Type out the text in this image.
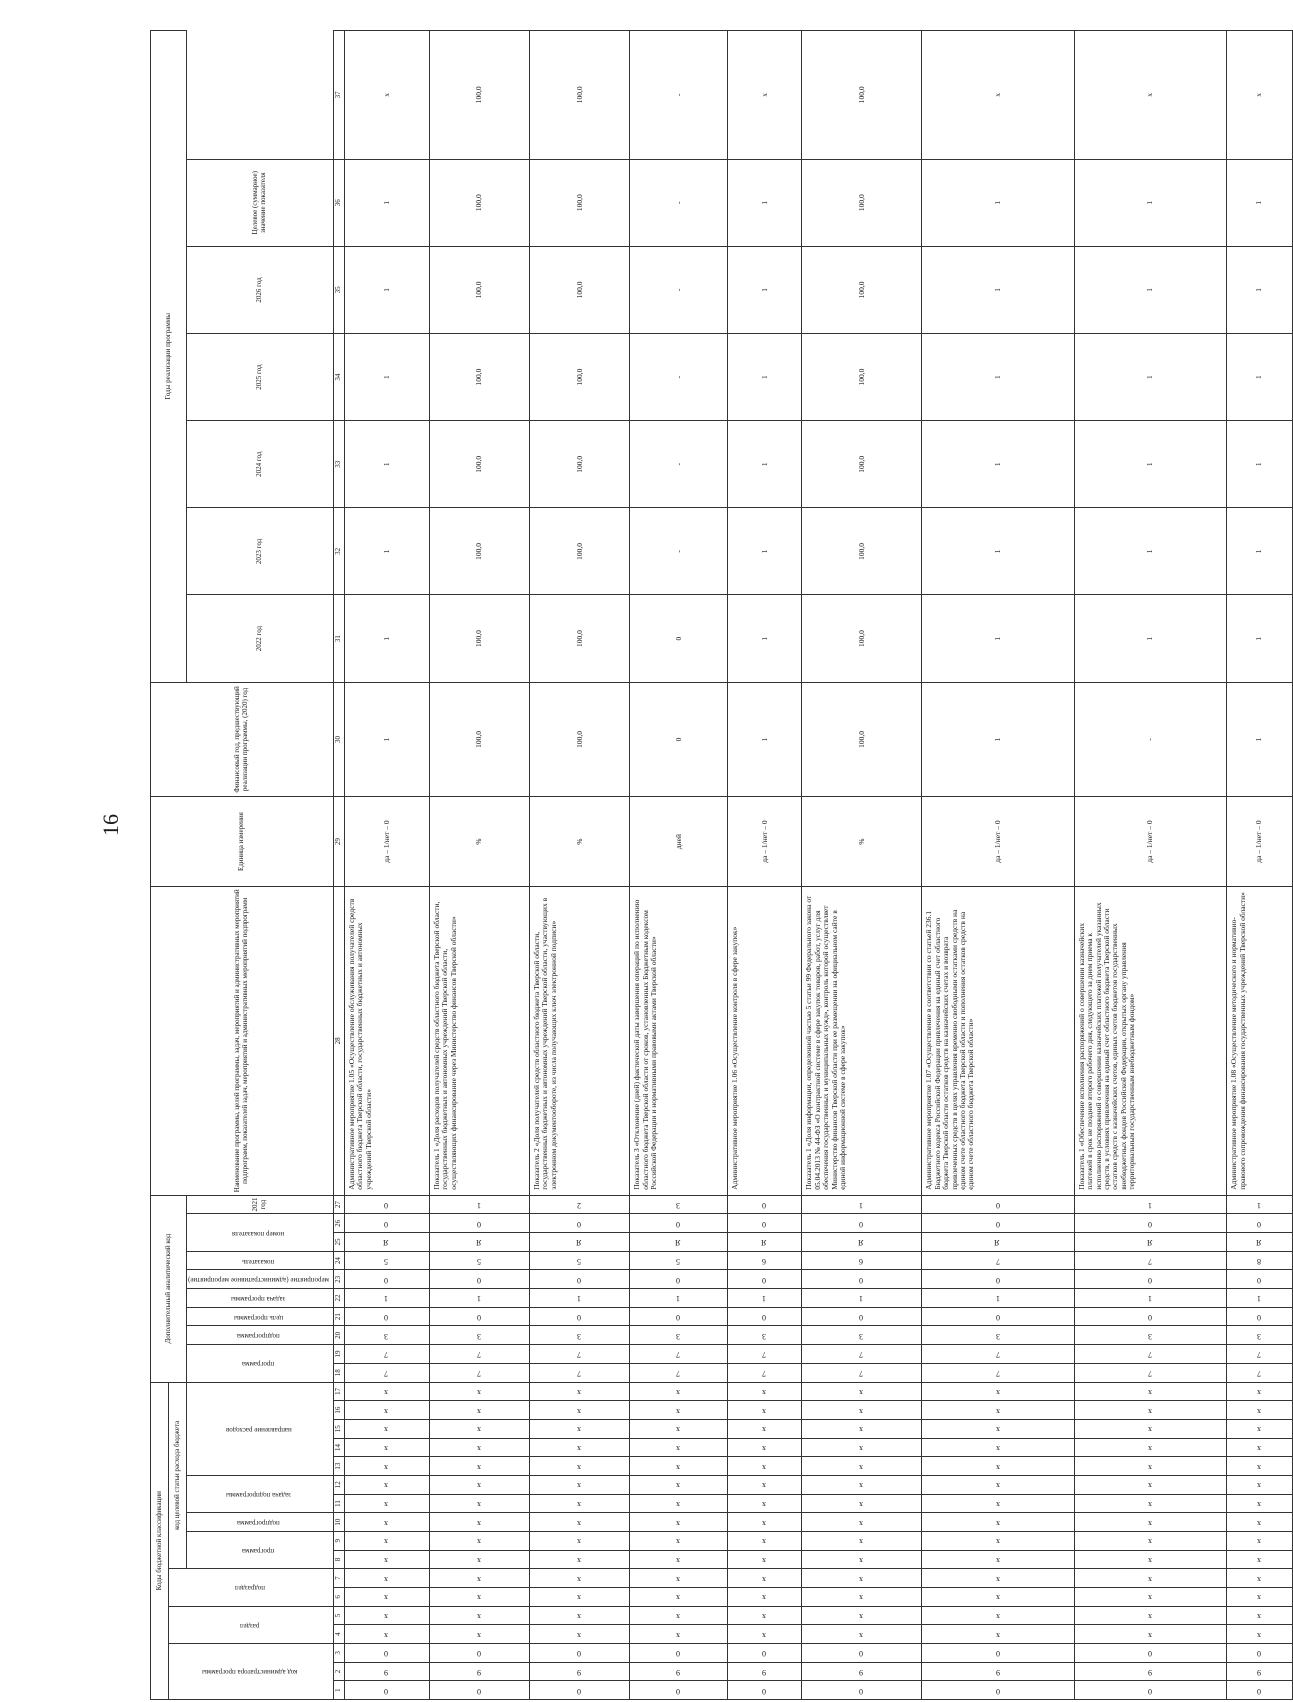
16
Коды бюджетной классификации																	Дополнительный аналитический код										Наименование программы, целей программы, задач, мероприятий и административных мероприятий подпрограмм, показателей задач, мероприятий и административных мероприятий подпрограмм	Единица измерения	Финансовый год, предшествующий реализации программы, (2020) год	Годы реализации программы						
код администратора программы			раздел		подраздел		код целевой статьи расхода бюджета																													
							программа		подпрограмма	задача подпрограммы		направление расходов					программа		подпрограмма	цель программы	задача программы	мероприятие (административное мероприятие)	показатель	номер показателя		2021 год				2022 год	2023 год	2024 год	2025 год	2026 год	Целевое (суммарное) значение показателя	

1	2	3	4	5	6	7	8	9	10	11	12	13	14	15	16	17	18	19	20	21	22	23	24	25	26	27	28	29	30	31	32	33	34	35	36	37
0	9	0	x	x	x	x	x	x	x	x	x	x	x	x	x	x	7	7	3	0	1	0	5	Я	0	0	Административное мероприятие 1.05 «Осуществление обслуживания получателей средств областного бюджета Тверской области, государственных бюджетных и автономных учреждений Тверской области»	да – 1/нет – 0	1	1	1	1	1	1	1	x
0	9	0	x	x	x	x	x	x	x	x	x	x	x	x	x	x	7	7	3	0	1	0	5	Я	0	1	Показатель 1 «Доля расходов получателей средств областного бюджета Тверской области, государственных бюджетных и автономных учреждений Тверской области, осуществляющих финансирование через Министерство финансов Тверской области»	%	100,0	100,0	100,0	100,0	100,0	100,0	100,0	100,0
0	9	0	x	x	x	x	x	x	x	x	x	x	x	x	x	x	7	7	3	0	1	0	5	Я	0	2	Показатель 2 «Доля получателей средств областного бюджета Тверской области, государственных бюджетных и автономных учреждений Тверской области, участвующих в электронном документообороте, из числа получающих ключ электронной подписи»	%	100,0	100,0	100,0	100,0	100,0	100,0	100,0	100,0
0	9	0	x	x	x	x	x	x	x	x	x	x	x	x	x	x	7	7	3	0	1	0	5	Я	0	3	Показатель 3 «Отклонение (дней) фактической даты завершения операций по исполнению областного бюджета Тверской области от сроков, установленных Бюджетным кодексом Российской Федерации и нормативными правовыми актами Тверской области»	дней	0	0	-	-	-	-	-	-
0	9	0	x	x	x	x	x	x	x	x	x	x	x	x	x	x	7	7	3	0	1	0	6	Я	0	0	Административное мероприятие 1.06 «Осуществление контроля в сфере закупок»	да – 1/нет – 0	1	1	1	1	1	1	1	x
0	9	0	x	x	x	x	x	x	x	x	x	x	x	x	x	x	7	7	3	0	1	0	6	Я	0	1	Показатель 1 «Доля информации, определенной частью 5 статьи 99 Федерального закона от 05.04.2013 № 44-ФЗ «О контрактной системе в сфере закупок товаров, работ, услуг для обеспечения государственных и муниципальных нужд», контроль которой осуществляет Министерство финансов Тверской области при ее размещении на официальном сайте в единой информационной системе в сфере закупок»	%	100,0	100,0	100,0	100,0	100,0	100,0	100,0	100,0
0	9	0	x	x	x	x	x	x	x	x	x	x	x	x	x	x	7	7	3	0	1	0	7	Я	0	0	Административное мероприятие 1.07 «Осуществление в соответствии со статьей 236.1 Бюджетного кодекса Российской Федерации привлечения на единый счет областного бюджета Тверской области остатков средств на казначейских счетах и возврата привлеченных средств в целях управления временно свободными остатками средств на едином счете областного бюджета Тверской области и пополнения остатков средств на едином счете областного бюджета Тверской области»	да – 1/нет – 0	1	1	1	1	1	1	1	x
0	9	0	x	x	x	x	x	x	x	x	x	x	x	x	x	x	7	7	3	0	1	0	7	Я	0	1	Показатель 1 «Обеспечение исполнения распоряжений о совершении казначейских платежей в срок не позднее второго рабочего дня, следующего за днем приема к исполнению распоряжений о совершении казначейских платежей получателей указанных средств, в условиях привлечения на единый счет областного бюджета Тверской области остатков средств с казначейских счетов, единых счетов бюджетов государственных внебюджетных фондов Российской Федерации, открытых органу управления территориальным государственным внебюджетным фондом»	да – 1/нет – 0	-	1	1	1	1	1	1	x
0	9	0	x	x	x	x	x	x	x	x	x	x	x	x	x	x	7	7	3	0	1	0	8	Я	0	1	Административное мероприятие 1.08 «Осуществление методического и нормативно-правового сопровождения финансирования государственных учреждений Тверской области»	да – 1/нет – 0	1	1	1	1	1	1	1	x
